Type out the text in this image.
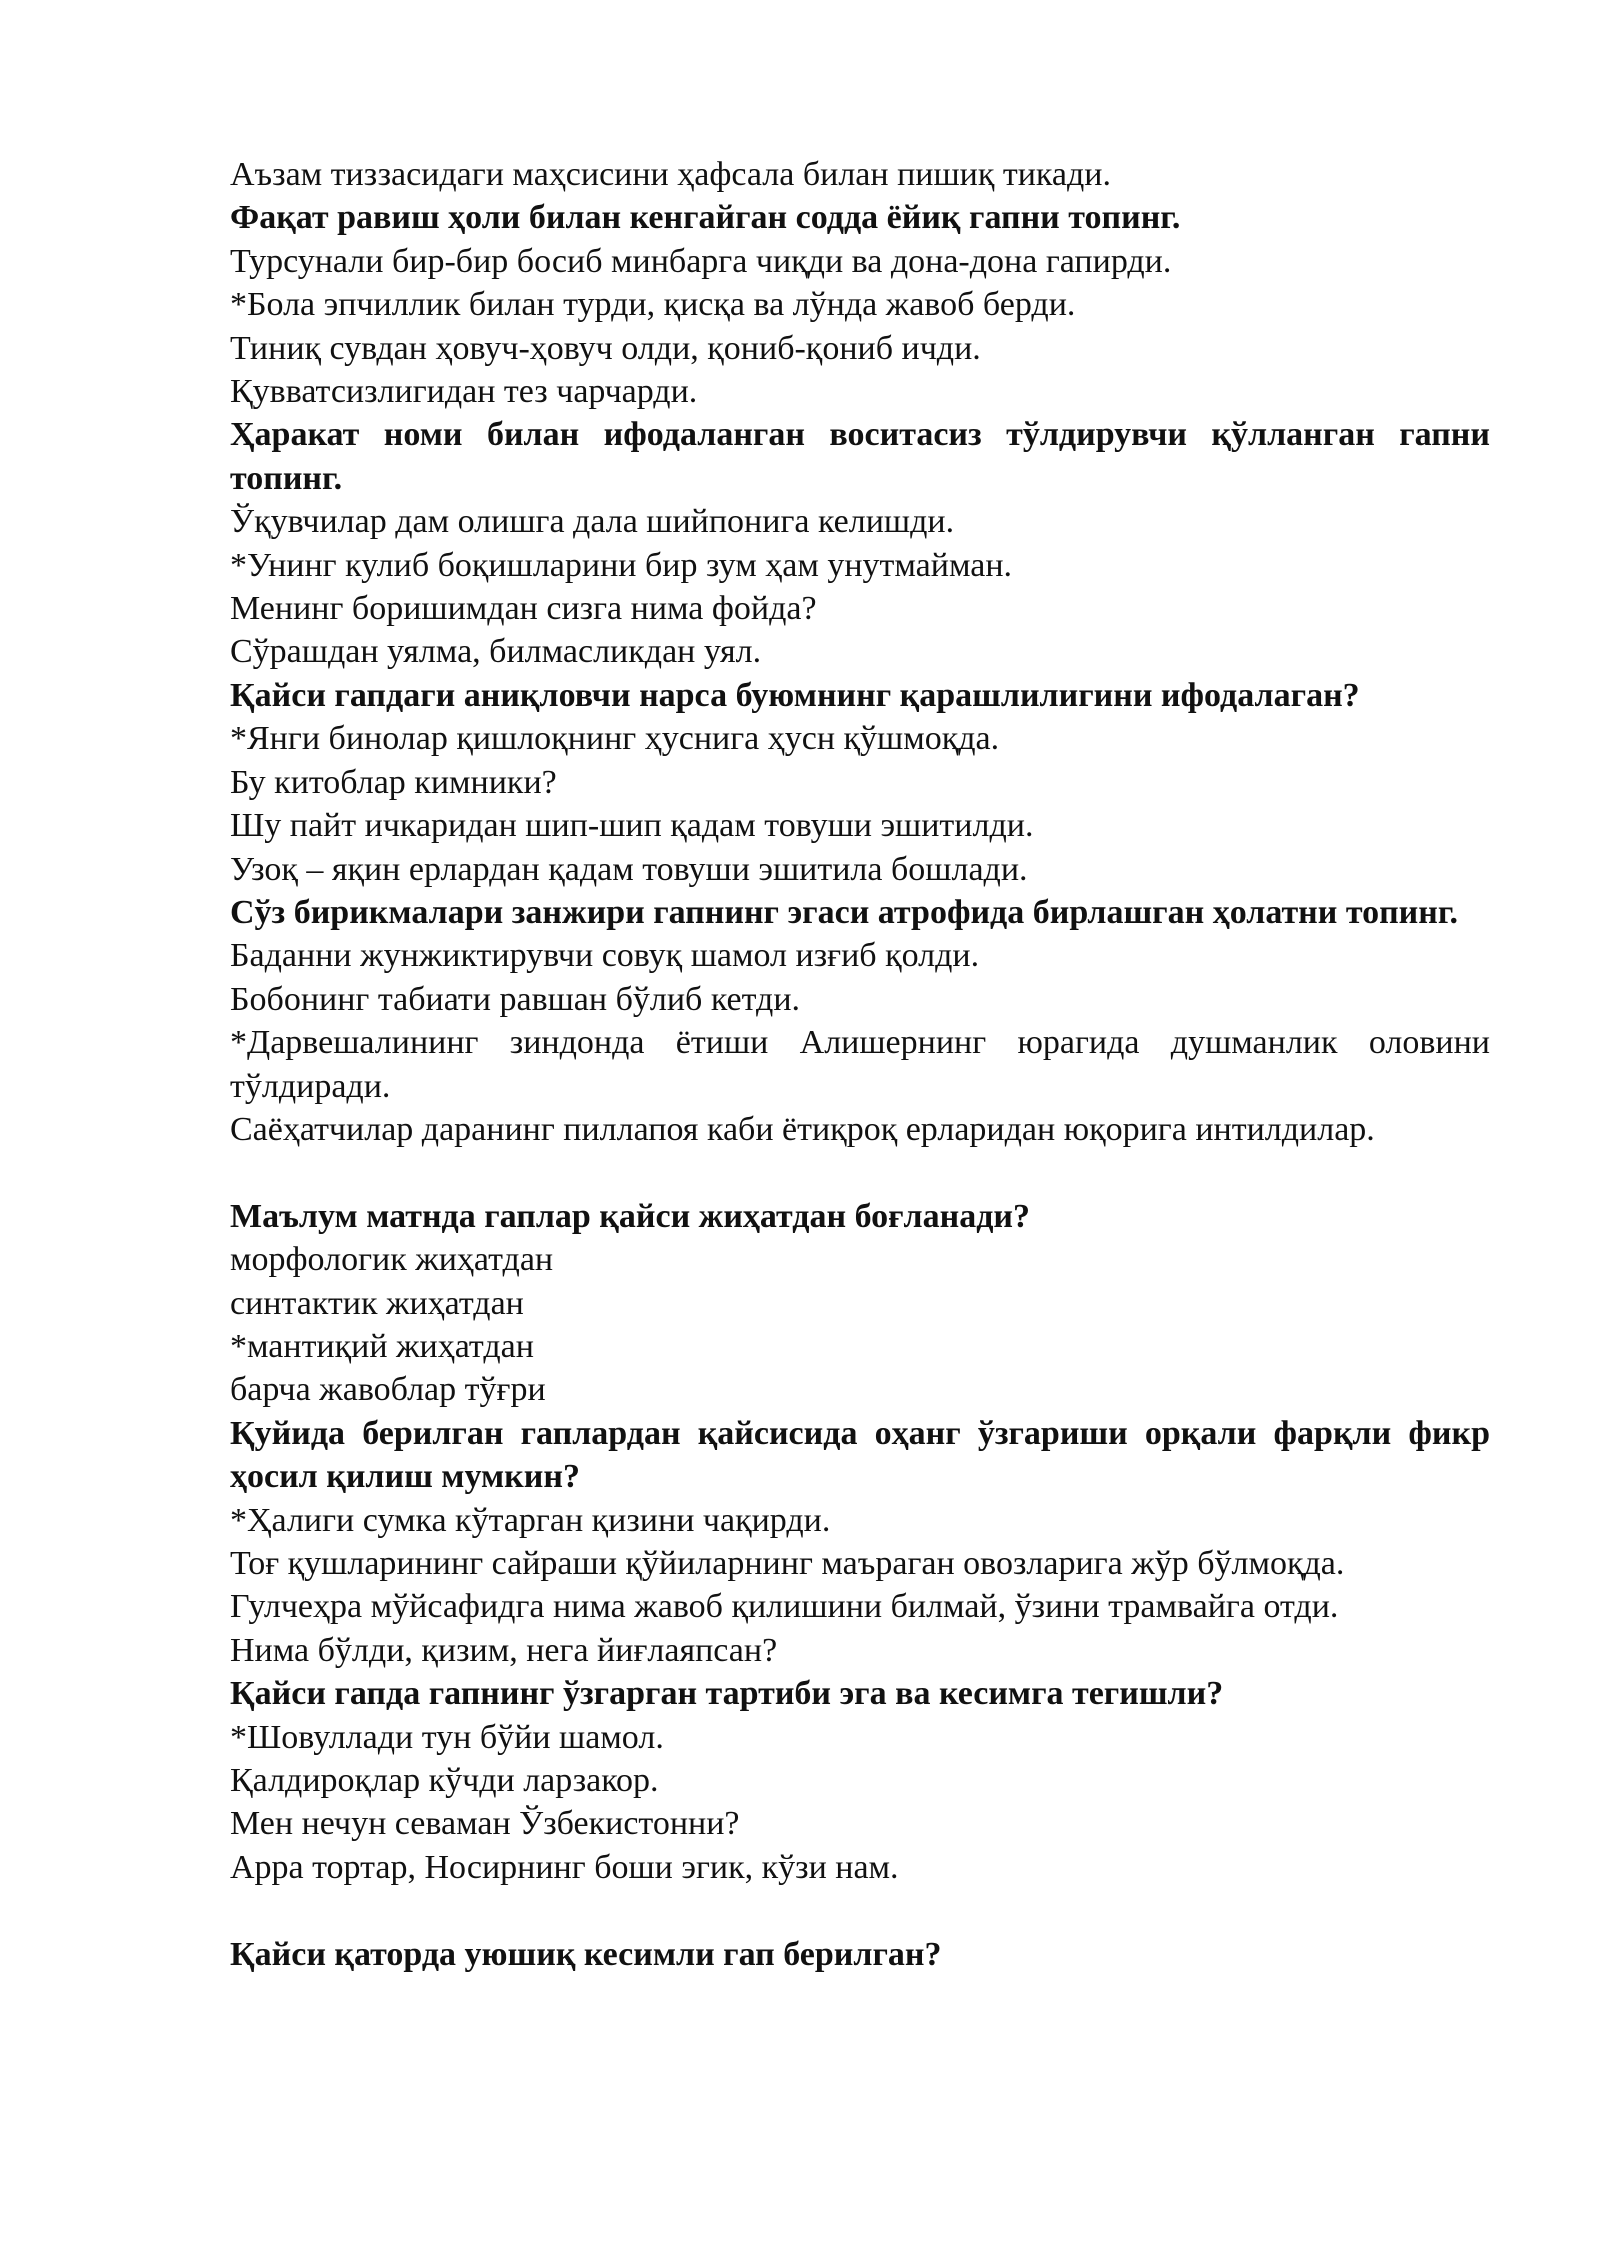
Аъзам тиззасидаги маҳсисини ҳафсала билан пишиқ тикади.

Фақат равиш ҳоли билан кенгайган содда ёйиқ гапни топинг.

Турсунали бир-бир босиб минбарга чиқди ва дона-дона гапирди.

*Бола эпчиллик билан турди, қисқа ва лўнда жавоб берди.

Тиниқ сувдан ҳовуч-ҳовуч олди, қониб-қониб ичди.

Қувватсизлигидан тез чарчарди.

Ҳаракат номи билан ифодаланган воситасиз тўлдирувчи қўлланган гапни топинг.

Ўқувчилар дам олишга дала шийпонига келишди.

*Унинг кулиб боқишларини бир зум ҳам унутмайман.

Менинг боришимдан сизга нима фойда?

Сўрашдан уялма, билмасликдан уял.

Қайси гапдаги аниқловчи нарса буюмнинг қарашлилигини ифодалаган?

*Янги бинолар қишлоқнинг ҳуснига ҳусн қўшмоқда.

Бу китоблар кимники?

Шу пайт ичкаридан шип-шип қадам товуши эшитилди.

Узоқ – яқин ерлардан қадам товуши эшитила бошлади.

Сўз бирикмалари занжири гапнинг эгаси атрофида бирлашган ҳолатни топинг.

Баданни жунжиктирувчи совуқ шамол изғиб қолди.

Бобонинг табиати равшан бўлиб кетди.

*Дарвешалининг зиндонда ётиши Алишернинг юрагида душманлик оловини тўлдиради.

Саёҳатчилар даранинг пиллапоя каби ётиқроқ ерларидан юқорига интилдилар.

Маълум матнда гаплар қайси жиҳатдан боғланади?

морфологик жиҳатдан

синтактик жиҳатдан

*мантиқий жиҳатдан

барча жавоблар тўғри

Қуйида берилган гаплардан қайсисида оҳанг ўзгариши орқали фарқли фикр ҳосил қилиш мумкин?

*Ҳалиги сумка кўтарган қизини чақирди.

Тоғ қушларининг сайраши қўйиларнинг маъраган овозларига жўр бўлмоқда.

Гулчеҳра мўйсафидга нима жавоб қилишини билмай, ўзини трамвайга отди.

Нима бўлди, қизим, нега йиғлаяпсан?

Қайси гапда гапнинг ўзгарган тартиби эга ва кесимга тегишли?

*Шовуллади тун бўйи шамол.

Қалдироқлар кўчди ларзакор.

Мен нечун севаман Ўзбекистонни?

Арра тортар, Носирнинг боши эгик, кўзи нам.

Қайси қаторда уюшиқ кесимли гап берилган?
